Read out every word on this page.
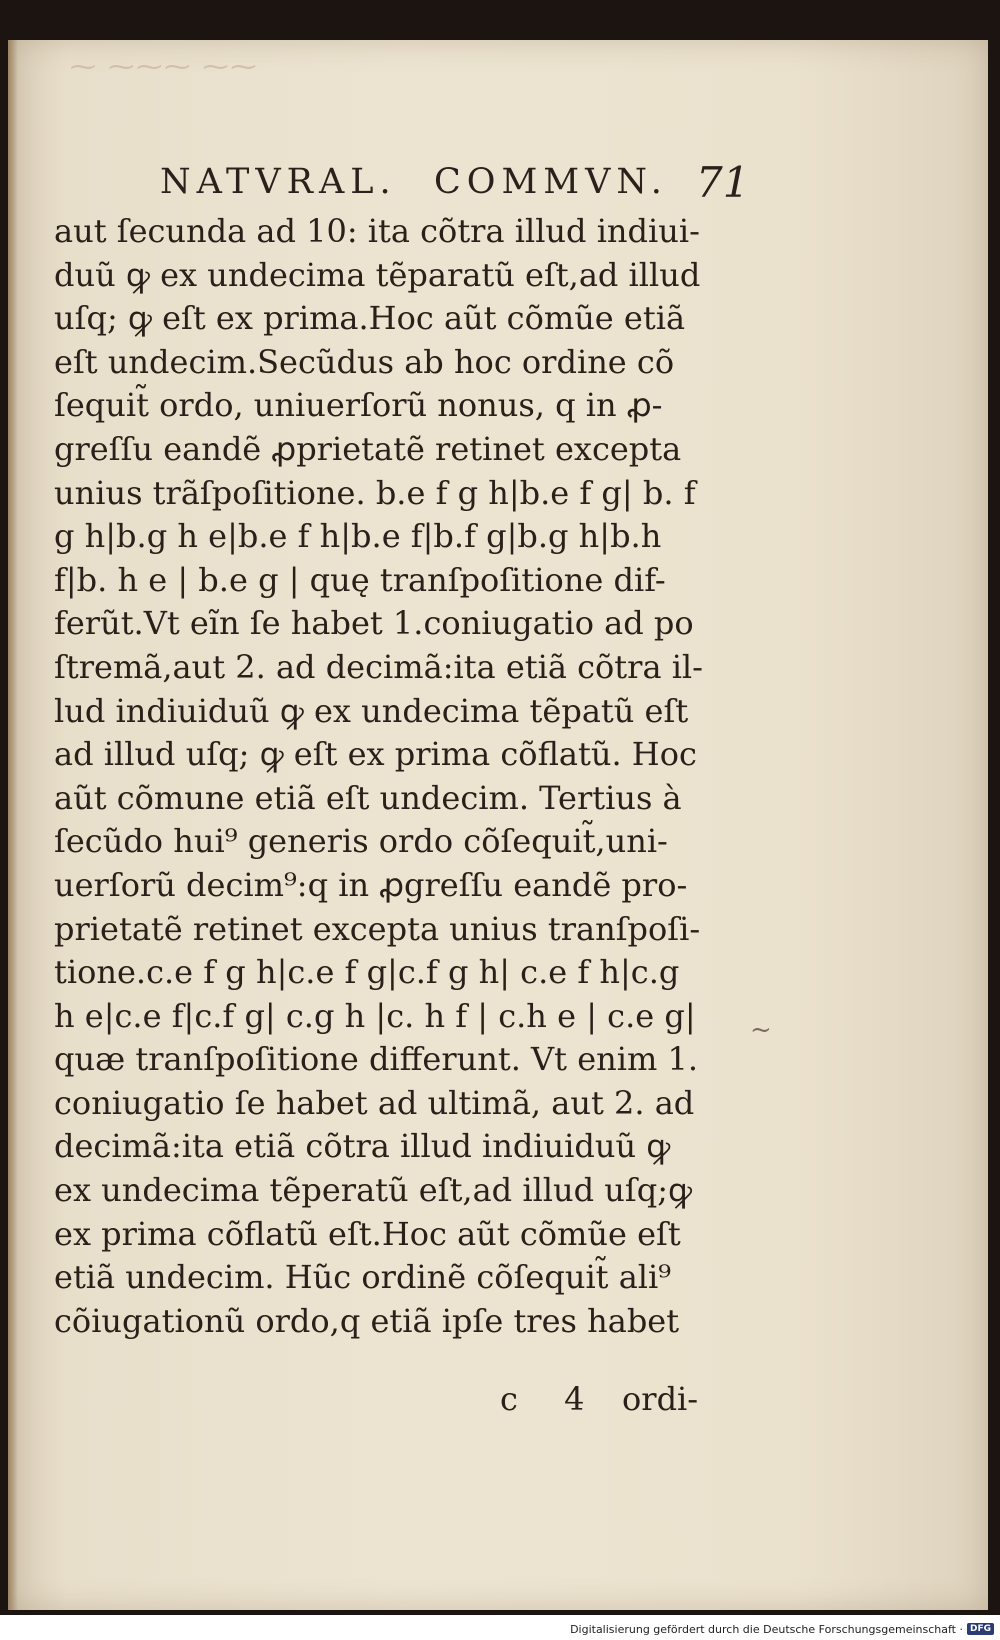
⁓ ⁓⁓⁓ ⁓⁓
NATVRAL. COMMVN. 71
aut ſecunda ad 10: ita cõtra illud indiui-
duũ ꝙ ex undecima tẽparatũ eſt,ad illud
uſq; ꝙ eſt ex prima.Hoc aũt cõmũe etiã
eſt undecim.Secũdus ab hoc ordine cõ
ſequit̃ ordo, uniuerſorũ nonus, q in ꝓ-
greſſu eandẽ ꝓprietatẽ retinet excepta
unius trãſpoſitione. b.e f g h|b.e f g| b. f
g h|b.g h e|b.e f h|b.e f|b.f g|b.g h|b.h
f|b. h e | b.e g | quę tranſpoſitione dif-
ferũt.Vt eĩn ſe habet 1.coniugatio ad po
ſtremã,aut 2. ad decimã:ita etiã cõtra il-
lud indiuiduũ ꝙ ex undecima tẽpatũ eſt
ad illud uſq; ꝙ eſt ex prima cõflatũ. Hoc
aũt cõmune etiã eſt undecim. Tertius à
ſecũdo hui⁹ generis ordo cõſequit̃,uni-
uerſorũ decim⁹:q in ꝓgreſſu eandẽ pro-
prietatẽ retinet excepta unius tranſpoſi-
tione.c.e f g h|c.e f g|c.f g h| c.e f h|c.g
h e|c.e f|c.f g| c.g h |c. h f | c.h e | c.e g|
quæ tranſpoſitione differunt. Vt enim 1.
coniugatio ſe habet ad ultimã, aut 2. ad
decimã:ita etiã cõtra illud indiuiduũ ꝙ
ex undecima tẽperatũ eſt,ad illud uſq;ꝙ
ex prima cõflatũ eſt.Hoc aũt cõmũe eſt
etiã undecim. Hũc ordinẽ cõſequit̃ ali⁹
cõiugationũ ordo,q etiã ipſe tres habet
~
c 4 ordi-
Digitalisierung gefördert durch die Deutsche Forschungsgemeinschaft · DFG
